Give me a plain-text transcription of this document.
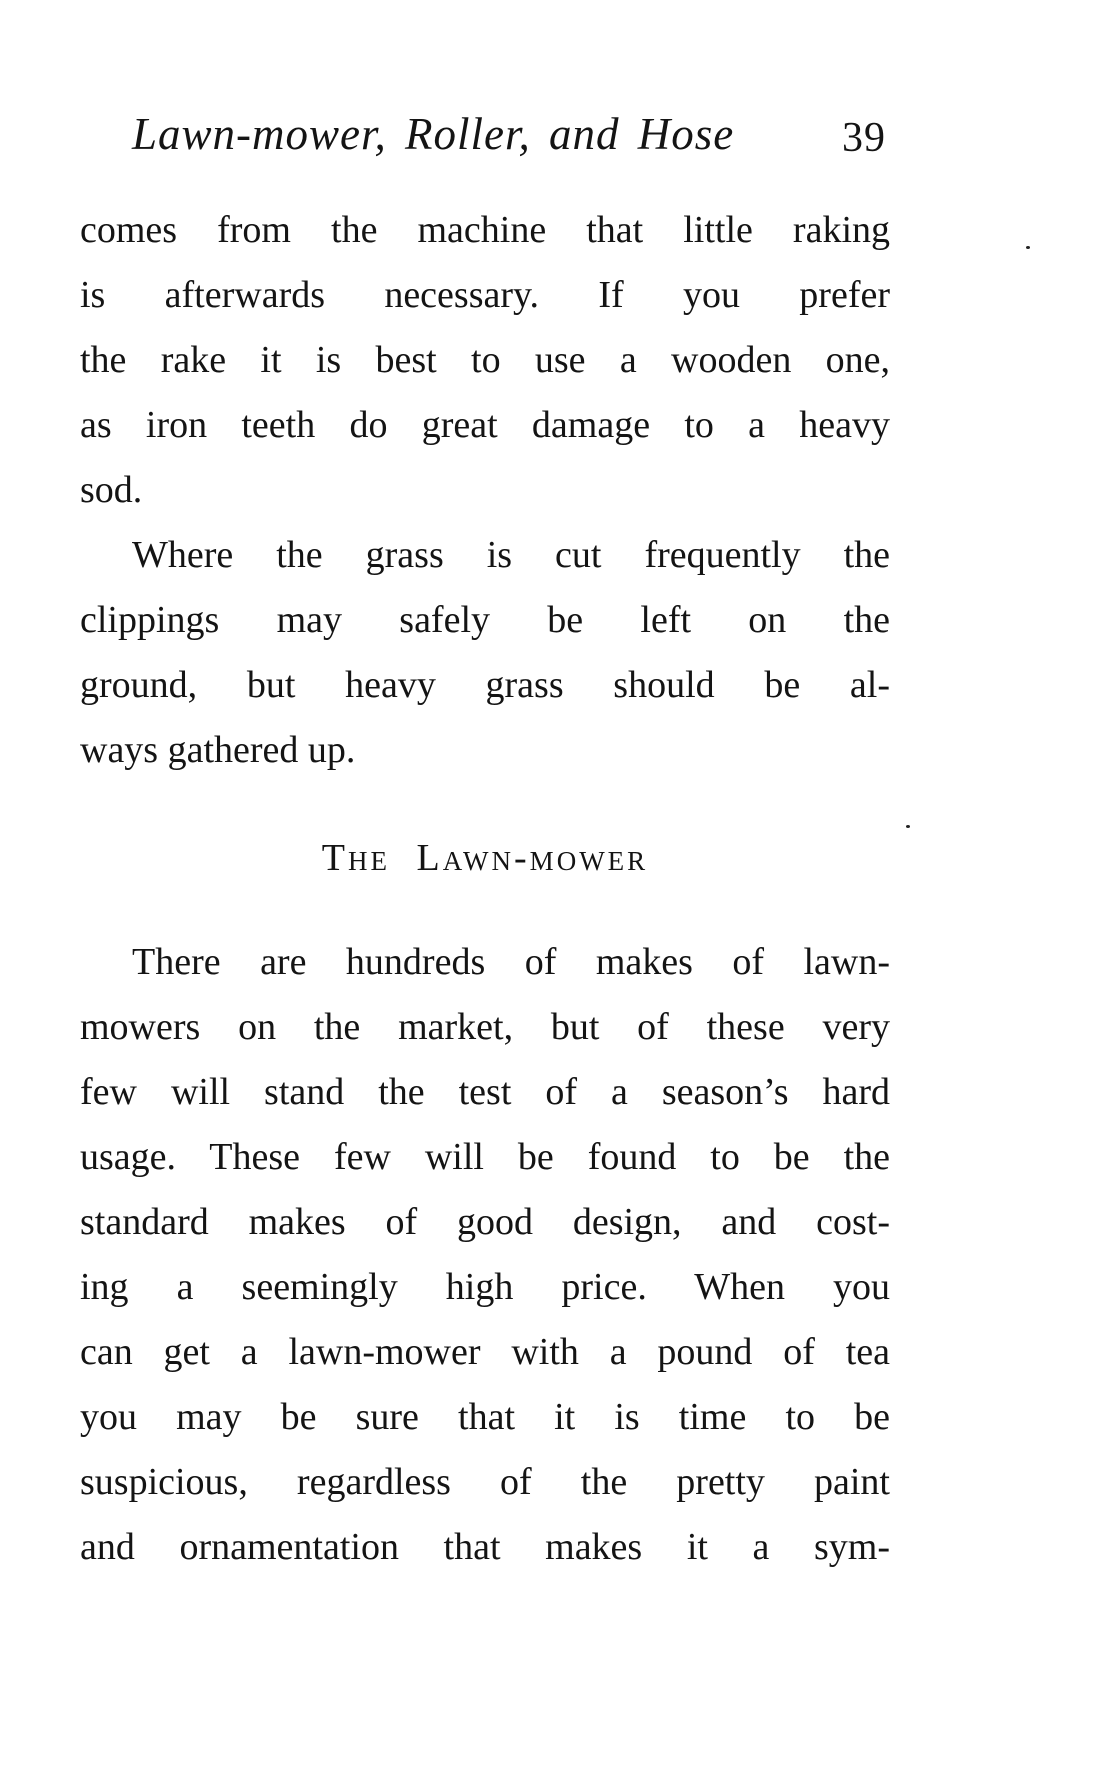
Lawn-mower, Roller, and Hose	39
comes from the machine that little raking
is afterwards necessary. If you prefer
the rake it is best to use a wooden one,
as iron teeth do great damage to a heavy
sod.
Where the grass is cut frequently the
clippings may safely be left on the
ground, but heavy grass should be al-
ways gathered up.
The Lawn-mower
There are hundreds of makes of lawn-
mowers on the market, but of these very
few will stand the test of a season’s hard
usage. These few will be found to be the
standard makes of good design, and cost-
ing a seemingly high price. When you
can get a lawn-mower with a pound of tea
you may be sure that it is time to be
suspicious, regardless of the pretty paint
and ornamentation that makes it a sym-
